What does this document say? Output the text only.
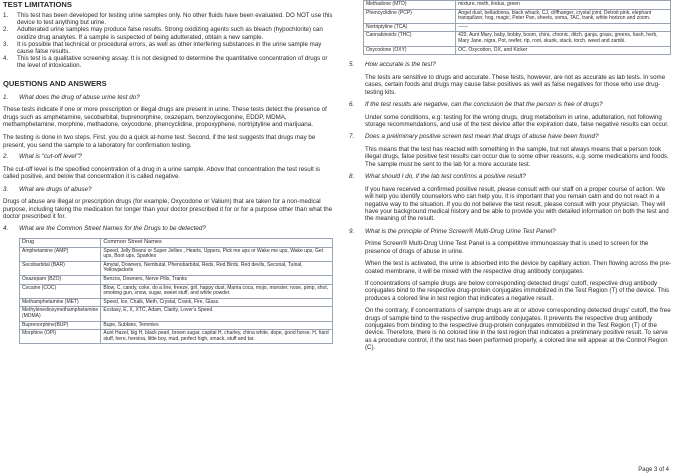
TEST LIMITATIONS
1.	This test has been developed for testing urine samples only. No other fluids have been evaluated. DO NOT use this device to test anything but urine.
2.	Adulterated urine samples may produce false results. Strong oxidizing agents such as bleach (hypochlorite) can oxidize drug analytes. If a sample is suspected of being adulterated, obtain a new sample.
3.	It is possible that technical or procedural errors, as well as other interfering substances in the urine sample may cause false results.
4.	This test is a qualitative screening assay. It is not designed to determine the quantitative concentration of drugs or the level of intoxication.
QUESTIONS AND ANSWERS
1.	What does the drug of abuse urine test do?

These tests indicate if one or more prescription or illegal drugs are present in urine. These tests detect the presence of drugs such as amphetamine, secobarbital, buprenorphine, oxazepam, benzoylecgonine, EDDP, MDMA, methamphetamine, morphine, methadone, oxycodone, phencyclidine, propoxyphene, nortriptyline and marijuana.

The testing is done in two steps. First, you do a quick at-home test. Second, if the test suggests that drugs may be present, you send the sample to a laboratory for confirmation testing.

2.	What is "cut-off level"?

The cut-off level is the specified concentration of a drug in a urine sample. Above that concentration the test result is called positive, and below that concentration it is called negative.

3.	What are drugs of abuse?

Drugs of abuse are illegal or prescription drugs (for example, Oxycodone or Valium) that are taken for a non-medical purpose, including taking the medication for longer than your doctor prescribed it for or for a purpose other than what the doctor prescribed it for.

4.	What are the Common Street Names for the Drugs to be detected?
Drug	Common Street Names
Amphetamine (AMP)	Speed, Jelly Beans or Super Jellies , Hearts, Uppers, Pick me ups or Wake me ups, Wake ups, Get ups, Boot ups, Sparkles
Secobarbital (BAR)	Amytal, Downers, Nembutal, Phenobarbital, Reds, Red Birds, Red devils, Seconal, Tuinal, Yellowjackets
Oxazepam (BZO)	Benzos, Downers, Nerve Pills, Tranks
Cocaine (COC)	Blow, C, candy, coke, do a line, freeze, girl, happy dust, Mama coca, mojo, monster, nose, pimp, shot, smoking gun, snow, sugar, sweet stuff, and white powder.
Methamphetamine (MET)	Speed, Ice, Chalk, Meth, Crystal, Crank, Fire, Glass.
Methylenedioxymethamphetamine (MDMA)	Ecstasy, E, X, XTC, Adam, Clarity, Lover's Speed
Buprenorphine(BUP)	Bupe, Subbies, Temmies
Morphine (OPI)	Aunt Hazel, big H, black pearl, brown sugar, capital H, charley, china white, dope, good horse, H, hard stuff, hero, heroina, little boy, mud, perfect high, smack, stuff and tar.
Methadone (MTD)	mixture, meth, lindus, green
Phencyclidine (PCP)	Angel dust, belladonna, black whack, CJ, cliffhanger, crystal joint, Detroit pink, elephant tranquilizer, hog, magic, Peter Pan, sheets, soma, TAC, trank, white horizon and zoom.
Nortriptyline (TCA)	------
Cannabinoids (THC)	420, Aunt Mary, baby, bobby, boom, chira, chronic, ditch, ganja, grass, greens, hash, herb, Mary Jane, nigra, Pot, reefer, rip, root, skunk, stack, torch, weed and zambi.
Oxycodone (OXY)	OC, Oxycotton, OX, and Kicker
5.	How accurate is the test?

The tests are sensitive to drugs and accurate. These tests, however, are not as accurate as lab tests. In some cases, certain foods and drugs may cause false positives as well as false negatives for those who use drug-testing kits.

6.	If the test results are negative, can the conclusion be that the person is free of drugs?

Under some conditions, e.g: testing for the wrong drugs, drug metabolism in urine, adulteration, not following storage recommendations, and use of the test device after the expiration date, false negative results can occur.

7.	Does a preliminary positive screen test mean that drugs of abuse have been found?

This means that the test has reacted with something in the sample, but not always means that a person took illegal drugs, false positive test results can occur due to some other reasons, e.g. some medications and foods. The sample must be sent to the lab for a more accurate test.

8.	What should I do, if the lab test confirms a positive result?

If you have received a confirmed positive result, please consult with our staff on a proper course of action. We will help you identify counselors who can help you. It is important that you remain calm and do not react in a negative way to the situation. If you do not believe the test result, please consult with your physician. They will have your background medical history and be able to provide you with detailed information on both the test and the meaning of the result.

9.	What is the principle of Prime Screen® Multi-Drug Urine Test Panel?

Prime Screen® Multi-Drug Urine Test Panel is a competitive immunoassay that is used to screen for the presence of drugs of abuse in urine.

When the test is activated, the urine is absorbed into the device by capillary action. Then flowing across the pre-coated membrane, it will be mixed with the respective drug antibody conjugates.

If concentrations of sample drugs are below corresponding detected drugs' cutoff, respective drug antibody conjugates bind to the respective drug-protein conjugates immobilized in the Test Region (T) of the device. This produces a colored line in test region that indicates a negative result.

On the contrary, if concentrations of sample drugs are at or above corresponding detected drugs' cutoff, the free drugs of sample bind to the respective drug antibody conjugates. It prevents the respective drug antibody conjugates from binding to the respective drug-protein conjugates immobilized in the Test Region (T) of the device. Therefore, there is no colored line in the test region that indicates a preliminary positive result. To serve as a procedure control, if the test has been performed properly, a colored line will appear at the Control Region (C).

Page 3 of 4
